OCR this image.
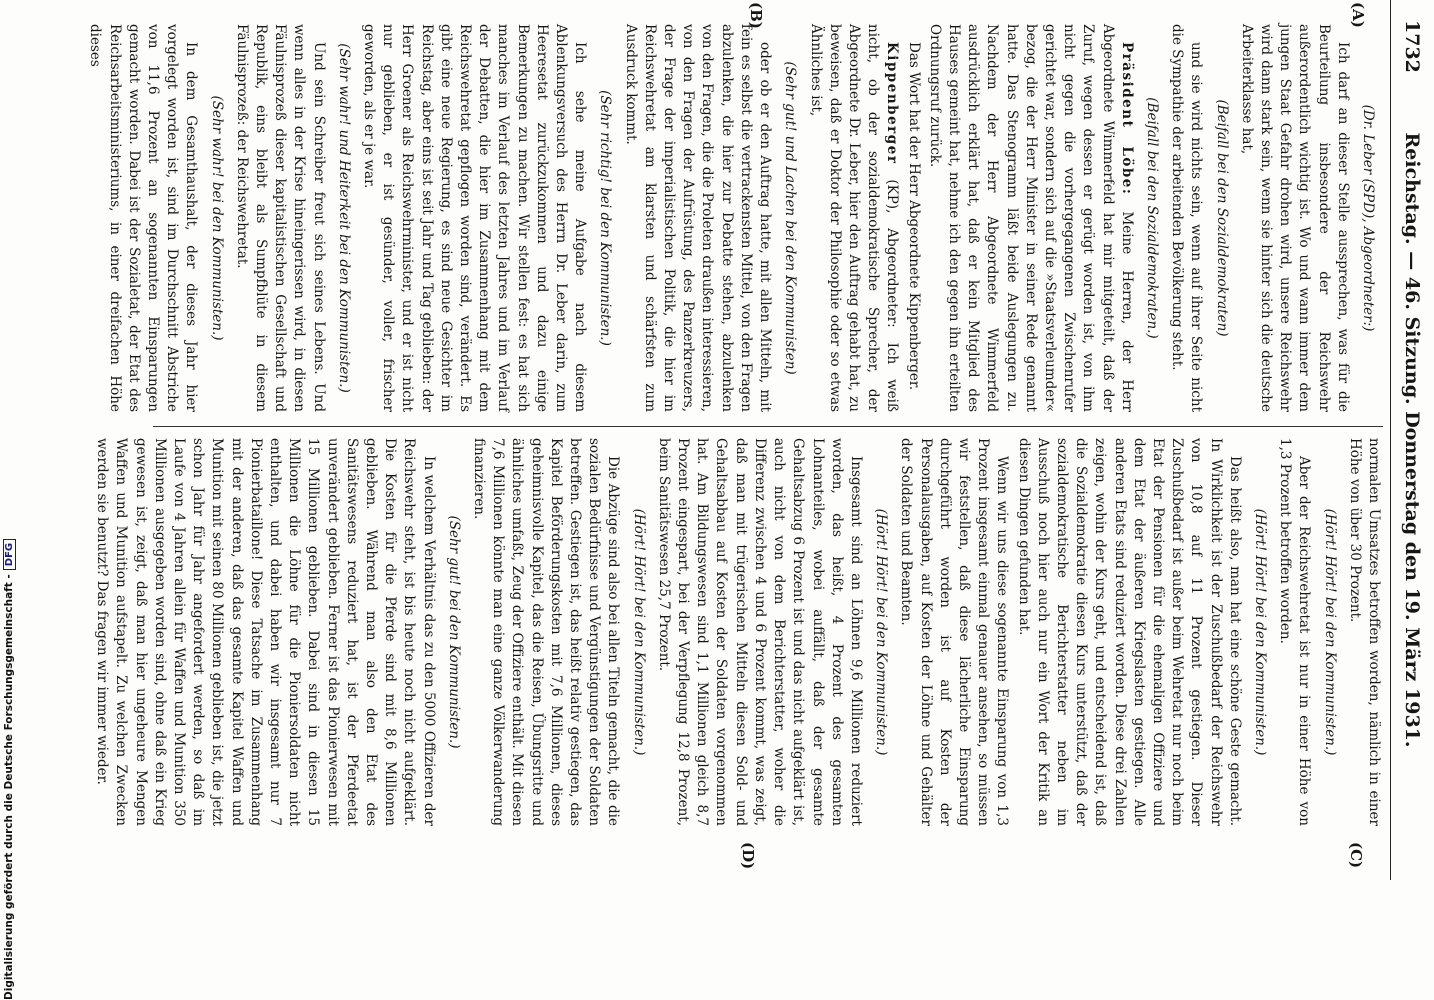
1732
Reichstag. — 46. Sitzung. Donnerstag den 19. März 1931.
(A)
(B)
(C)
(D)

(Dr. Leber (SPD), Abgeordneter:)

Ich darf an dieser Stelle aussprechen, was für die Beurteilung insbesondere der Reichswehr außerordentlich wichtig ist. Wo und wann immer dem jungen Staat Gefahr drohen wird, unsere Reichswehr wird dann stark sein, wenn sie hinter sich die deutsche Arbeiterklasse hat,

(Beifall bei den Sozialdemokraten)

und sie wird nichts sein, wenn auf ihrer Seite nicht die Sympathie der arbeitenden Bevölkerung steht.

(Beifall bei den Sozialdemokraten.)

Präsident Löbe: Meine Herren, der Herr Abgeordnete Wimmerfeld hat mir mitgeteilt, daß der Zuruf, wegen dessen er gerügt worden ist, von ihm nicht gegen die vorhergegangenen Zwischenrufer gerichtet war, sondern sich auf die »Staatsverleumder« bezog, die der Herr Minister in seiner Rede genannt hatte. Das Stenogramm läßt beide Auslegungen zu. Nachdem der Herr Abgeordnete Wimmerfeld ausdrücklich erklärt hat, daß er kein Mitglied des Hauses gemeint hat, nehme ich den gegen ihn erteilten Ordnungsruf zurück.

Das Wort hat der Herr Abgeordnete Kippenberger.

Kippenberger (KP), Abgeordneter: Ich weiß nicht, ob der sozialdemokratische Sprecher, der Abgeordnete Dr. Leber, hier den Auftrag gehabt hat, zu beweisen, daß er Doktor der Philosophie oder so etwas Ähnliches ist,

(Sehr gut! und Lachen bei den Kommunisten)

oder ob er den Auftrag hatte, mit allen Mitteln, mit fein es selbst die vertrackensten Mittel, von den Fragen abzulenken, die hier zur Debatte stehen, abzulenken von den Fragen, die die Proleten draußen interessieren, von den Fragen der Aufrüstung, des Panzerkreuzers, der Frage der imperialistischen Politik, die hier im Reichswehretat am klarsten und schärfsten zum Ausdruck kommt.

(Sehr richtig! bei den Kommunisten.)

Ich sehe meine Aufgabe nach diesem Ablenkungsversuch des Herrn Dr. Leber darin, zum Heeresetat zurückzukommen und dazu einige Bemerkungen zu machen. Wir stellen fest: es hat sich manches im Verlauf des letzten Jahres und im Verlauf der Debatten, die hier im Zusammenhang mit dem Reichswehretat gepflogen worden sind, verändert. Es gibt eine neue Regierung, es sind neue Gesichter im Reichstag, aber eins ist seit Jahr und Tag geblieben: der Herr Groener als Reichswehrminister, und er ist nicht nur geblieben, er ist gesünder, voller, frischer geworden, als er je war.

(Sehr wahr! und Heiterkeit bei den Kommunisten.)

Und sein Schreiber freut sich seines Lebens. Und wenn alles in der Krise hineingerissen wird, in diesen Fäulnisprozeß dieser kapitalistischen Gesellschaft und Republik, eins bleibt als Sumpfblüte in diesem Fäulnisprozeß: der Reichswehretat.

(Sehr wahr! bei den Kommunisten.)

In dem Gesamthaushalt, der dieses Jahr hier vorgelegt worden ist, sind im Durchschnitt Abstriche von 11,6 Prozent an sogenannten Einsparungen gemacht worden. Dabei ist der Sozialetat, der Etat des Reichsarbeitsministeriums, in einer dreifachen Höhe dieses

normalen Umsatzes betroffen worden, nämlich in einer Höhe von über 30 Prozent.

(Hört! Hört! bei den Kommunisten.)

Aber der Reichswehretat ist nur in einer Höhe von 1,3 Prozent betroffen worden.

(Hört! Hört! bei den Kommunisten.)

Das heißt also, man hat eine schöne Geste gemacht. In Wirklichkeit ist der Zuschußbedarf der Reichswehr von 10,8 auf 11 Prozent gestiegen. Dieser Zuschußbedarf ist außer beim Wehretat nur noch beim Etat der Pensionen für die ehemaligen Offiziere und dem Etat der äußeren Kriegslasten gestiegen. Alle anderen Etats sind reduziert worden. Diese drei Zahlen zeigen, wohin der Kurs geht, und entscheidend ist, daß die Sozialdemokratie diesen Kurs unterstützt, daß der sozialdemokratische Berichterstatter neben im Ausschuß noch hier auch nur ein Wort der Kritik an diesen Dingen gefunden hat.

Wenn wir uns diese sogenannte Einsparung von 1,3 Prozent insgesamt einmal genauer ansehen, so müssen wir feststellen, daß diese lächerliche Einsparung durchgeführt worden ist auf Kosten der Personalausgaben, auf Kosten der Löhne und Gehälter der Soldaten und Beamten.

(Hört! Hört! bei den Kommunisten.)

Insgesamt sind an Löhnen 9,6 Millionen reduziert worden, das heißt, 4 Prozent des gesamten Lohnanteiles, wobei auffällt, daß der gesamte Gehaltsabzug 6 Prozent ist und das nicht aufgeklärt ist, auch nicht von dem Berichterstatter, woher die Differenz zwischen 4 und 6 Prozent kommt, was zeigt, daß man mit trügerischen Mitteln diesen Sold- und Gehaltsabbau auf Kosten der Soldaten vorgenommen hat. Am Bildungswesen sind 1,1 Millionen gleich 8,7 Prozent eingespart, bei der Verpflegung 12,8 Prozent, beim Sanitätswesen 25,7 Prozent.

(Hört! Hört! bei den Kommunisten.)

Die Abzüge sind also bei allen Titeln gemacht, die die sozialen Bedürfnisse und Vergünstigungen der Soldaten betreffen. Gestiegen ist, das heißt relativ gestiegen, das Kapitel Beförderungskosten mit 7,6 Millionen, dieses geheimnisvolle Kapitel, das die Reisen, Übungsritte und ähnliches umfaßt, Zeug der Offiziere enthält. Mit diesen 7,6 Millionen könnte man eine ganze Völkerwanderung finanzieren.

(Sehr gut! bei den Kommunisten.)

In welchem Verhältnis das zu den 5000 Offizieren der Reichswehr steht, ist bis heute noch nicht aufgeklärt. Die Kosten für die Pferde sind mit 8,6 Millionen geblieben. Während man also den Etat des Sanitätswesens reduziert hat, ist der Pferdeetat unverändert geblieben. Ferner ist das Pionierwesen mit 15 Millionen geblieben. Dabei sind in diesen 15 Millionen die Löhne für die Pioniersoldaten nicht enthalten, und dabei haben wir insgesamt nur 7 Pionierbataillone! Diese Tatsache im Zusammenhang mit der anderen, daß das gesamte Kapitel Waffen und Munition mit seinen 80 Millionen geblieben ist, die jetzt schon Jahr für Jahr angefordert werden, so daß im Laufe von 4 Jahren allein für Waffen und Munition 350 Millionen ausgegeben worden sind, ohne daß ein Krieg gewesen ist, zeigt, daß man hier ungeheure Mengen Waffen und Munition aufstapelt. Zu welchen Zwecken werden sie benutzt? Das fragen wir immer wieder.

Digitalisierung gefördert durch die Deutsche Forschungsgemeinschaft -DFG
